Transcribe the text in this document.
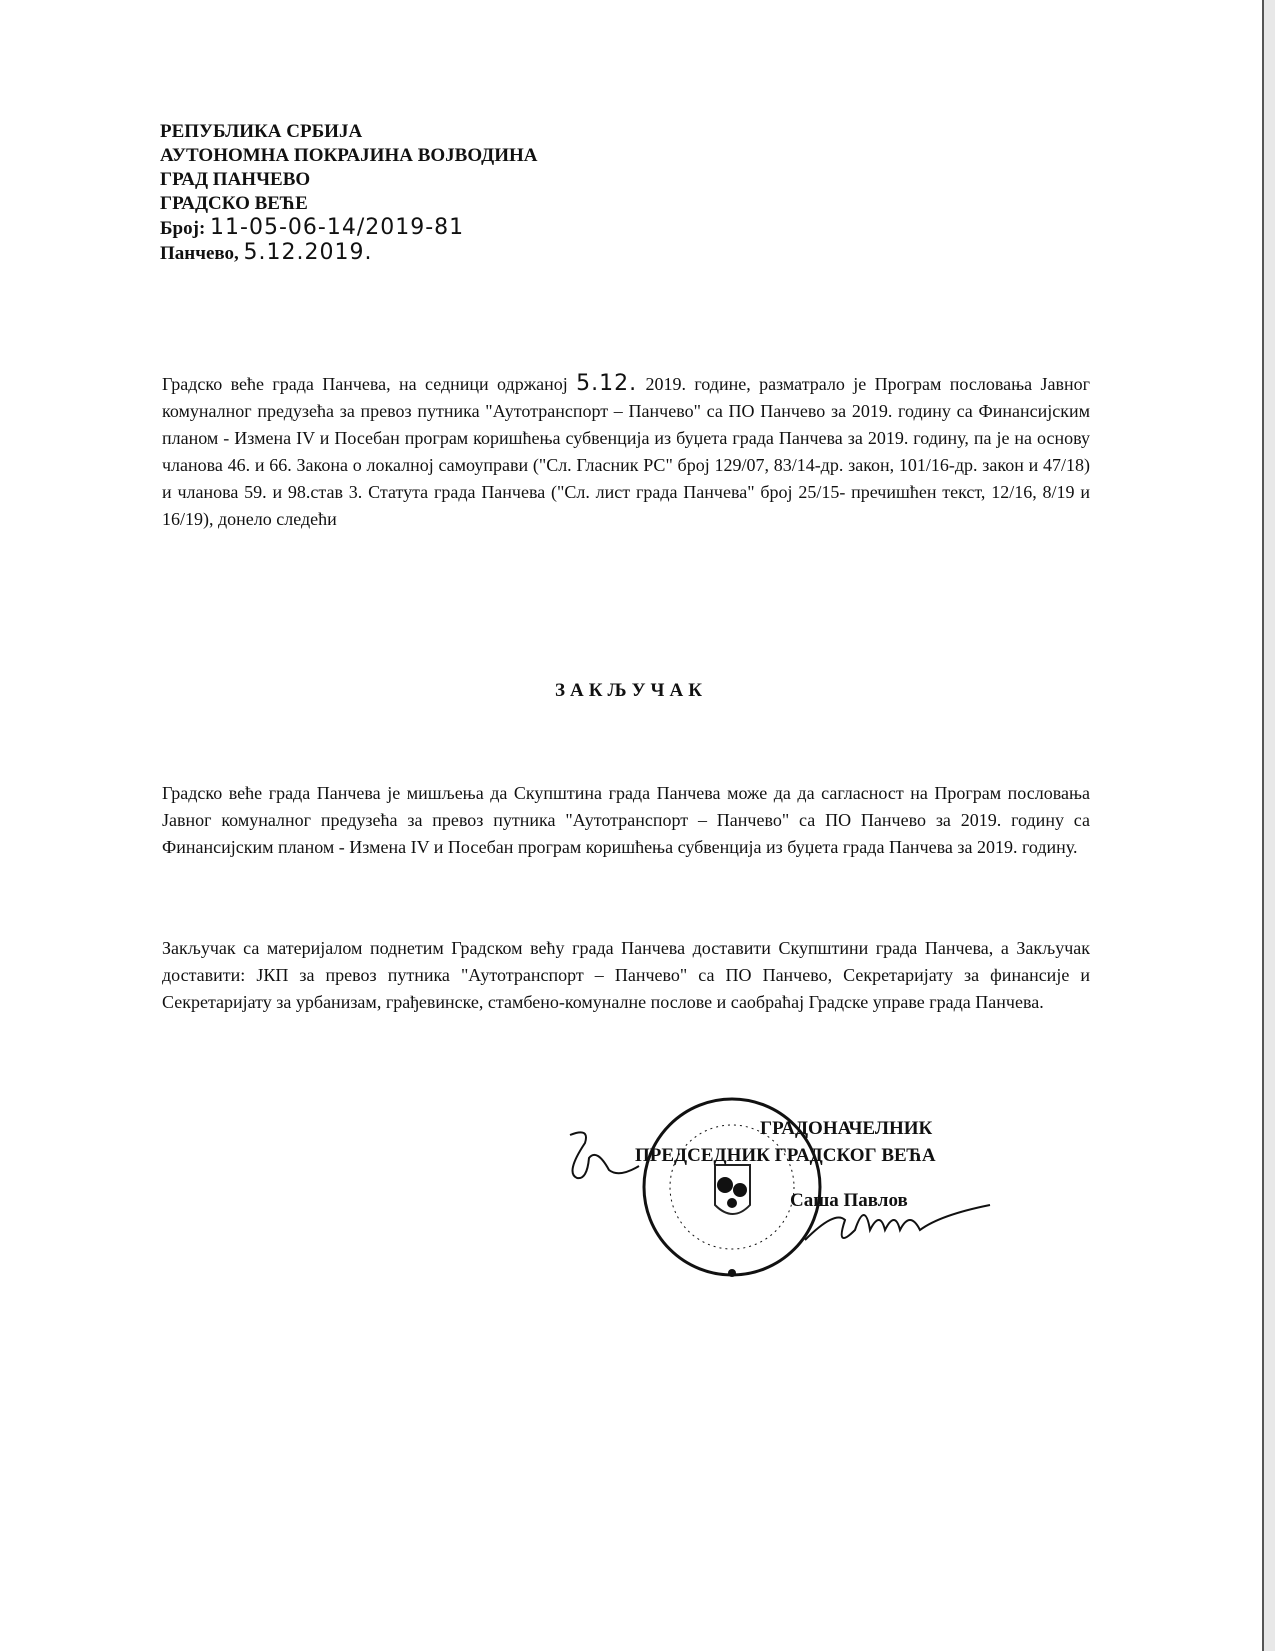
РЕПУБЛИКА СРБИЈА
АУТОНОМНА ПОКРАЈИНА ВОЈВОДИНА
ГРАД ПАНЧЕВО
ГРАДСКО ВЕЋЕ
Број: 11-05-06-14/2019-81
Панчево, 5.12.2019.
Градско веће града Панчева, на седници одржаној 5.12. 2019. године, разматрало је Програм пословања Јавног комуналног предузећа за превоз путника "Аутотранспорт – Панчево" са ПО Панчево за 2019. годину са Финансијским планом - Измена IV и Посебан програм коришћења субвенција из буџета града Панчева за 2019. годину, па је на основу чланова 46. и 66. Закона о локалној самоуправи ("Сл. Гласник РС" број 129/07, 83/14-др. закон, 101/16-др. закон и 47/18) и чланова 59. и 98.став 3. Статута града Панчева ("Сл. лист града Панчева" број 25/15- пречишћен текст, 12/16, 8/19 и 16/19), донело следећи
ЗАКЉУЧАК
Градско веће града Панчева је мишљења да Скупштина града Панчева може да да сагласност на Програм пословања Јавног комуналног предузећа за превоз путника "Аутотранспорт – Панчево" са ПО Панчево за 2019. годину са Финансијским планом - Измена IV и Посебан програм коришћења субвенција из буџета града Панчева за 2019. годину.
Закључак са материјалом поднетим Градском већу града Панчева доставити Скупштини града Панчева, а Закључак доставити: ЈКП за превоз путника "Аутотранспорт – Панчево" са ПО Панчево, Секретаријату за финансије и Секретаријату за урбанизам, грађевинске, стамбено-комуналне послове и саобраћај Градске управе града Панчева.
ГРАДОНАЧЕЛНИК
ПРЕДСЕДНИК ГРАДСКОГ ВЕЋА
Саша Павлов
